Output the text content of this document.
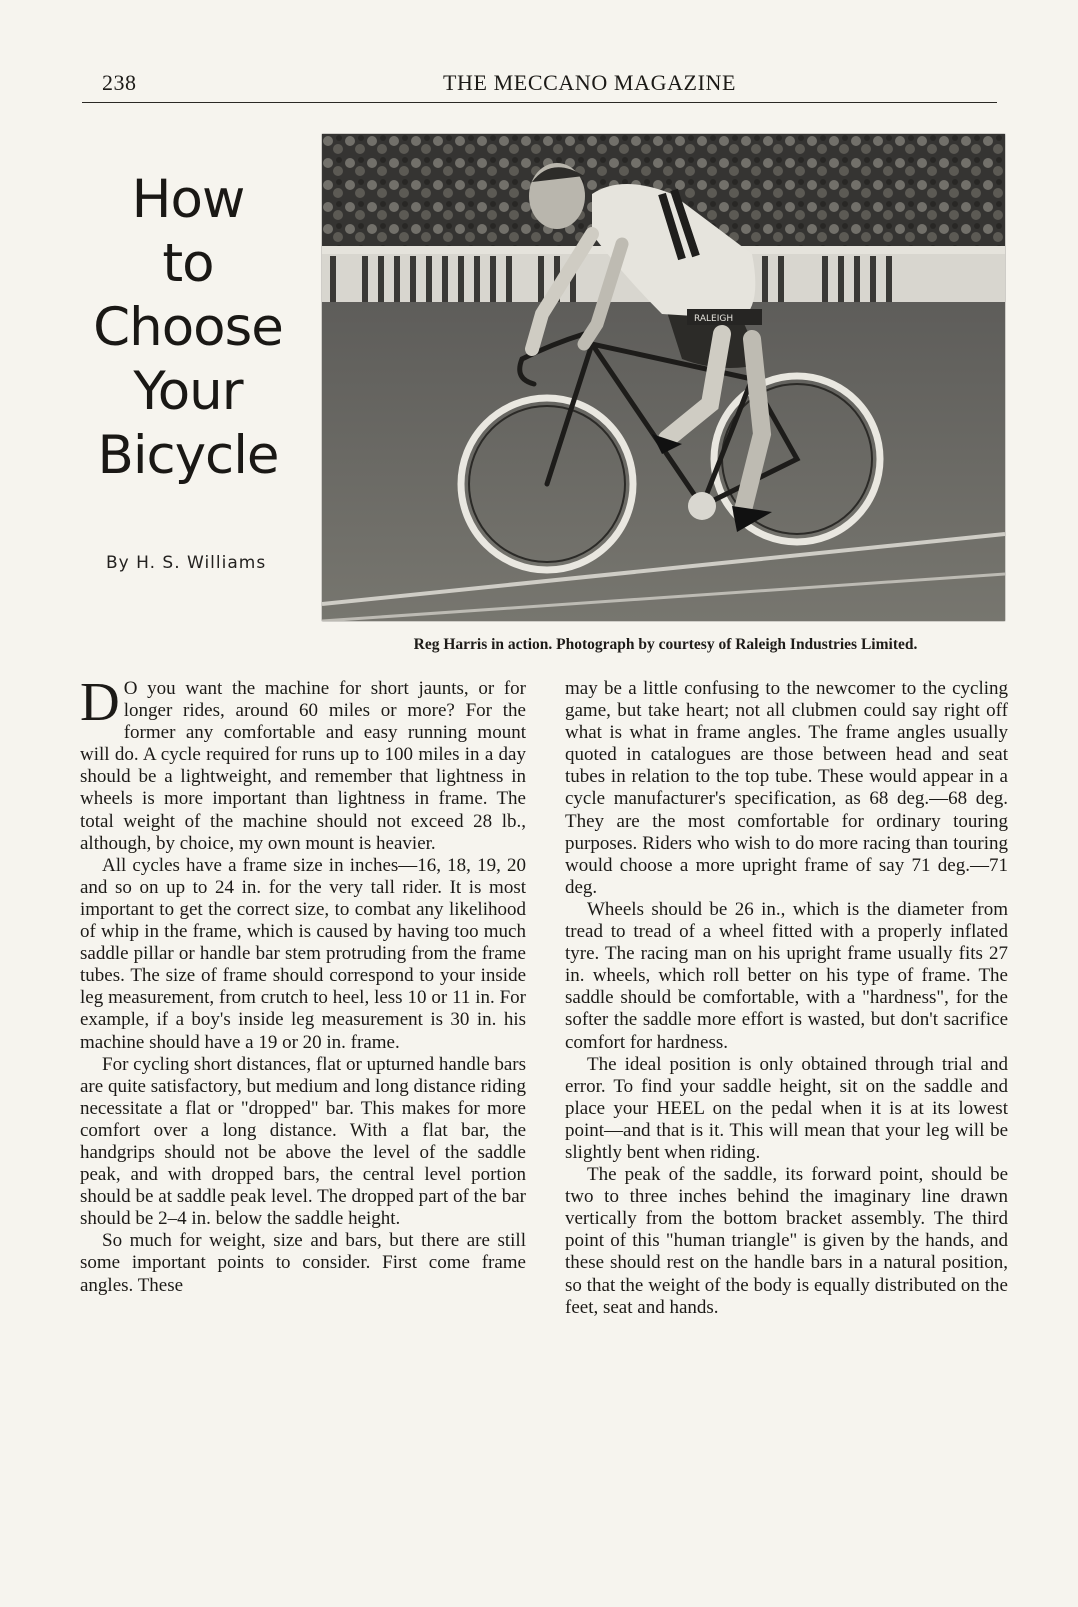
238	THE MECCANO MAGAZINE
How
to
Choose
Your
Bicycle
By H. S. Williams
RALEIGH
Reg Harris in action. Photograph by courtesy of Raleigh Industries Limited.

D O you want the machine for short jaunts, or for longer rides, around 60 miles or more? For the former any comfortable and easy running mount will do. A cycle required for runs up to 100 miles in a day should be a lightweight, and remember that lightness in wheels is more important than lightness in frame. The total weight of the machine should not exceed 28 lb., although, by choice, my own mount is heavier.

All cycles have a frame size in inches—16, 18, 19, 20 and so on up to 24 in. for the very tall rider. It is most important to get the correct size, to combat any likelihood of whip in the frame, which is caused by having too much saddle pillar or handle bar stem protruding from the frame tubes. The size of frame should correspond to your inside leg measurement, from crutch to heel, less 10 or 11 in. For example, if a boy's inside leg measurement is 30 in. his machine should have a 19 or 20 in. frame.

For cycling short distances, flat or upturned handle bars are quite satisfactory, but medium and long distance riding necessitate a flat or "dropped" bar. This makes for more comfort over a long distance. With a flat bar, the handgrips should not be above the level of the saddle peak, and with dropped bars, the central level portion should be at saddle peak level. The dropped part of the bar should be 2–4 in. below the saddle height.

So much for weight, size and bars, but there are still some important points to consider. First come frame angles. These

may be a little confusing to the newcomer to the cycling game, but take heart; not all clubmen could say right off what is what in frame angles. The frame angles usually quoted in catalogues are those between head and seat tubes in relation to the top tube. These would appear in a cycle manufacturer's specification, as 68 deg.—68 deg. They are the most comfortable for ordinary touring purposes. Riders who wish to do more racing than touring would choose a more upright frame of say 71 deg.—71 deg.

Wheels should be 26 in., which is the diameter from tread to tread of a wheel fitted with a properly inflated tyre. The racing man on his upright frame usually fits 27 in. wheels, which roll better on his type of frame. The saddle should be comfortable, with a "hardness", for the softer the saddle more effort is wasted, but don't sacrifice comfort for hardness.

The ideal position is only obtained through trial and error. To find your saddle height, sit on the saddle and place your HEEL on the pedal when it is at its lowest point—and that is it. This will mean that your leg will be slightly bent when riding.

The peak of the saddle, its forward point, should be two to three inches behind the imaginary line drawn vertically from the bottom bracket assembly. The third point of this "human triangle" is given by the hands, and these should rest on the handle bars in a natural position, so that the weight of the body is equally distributed on the feet, seat and hands.
